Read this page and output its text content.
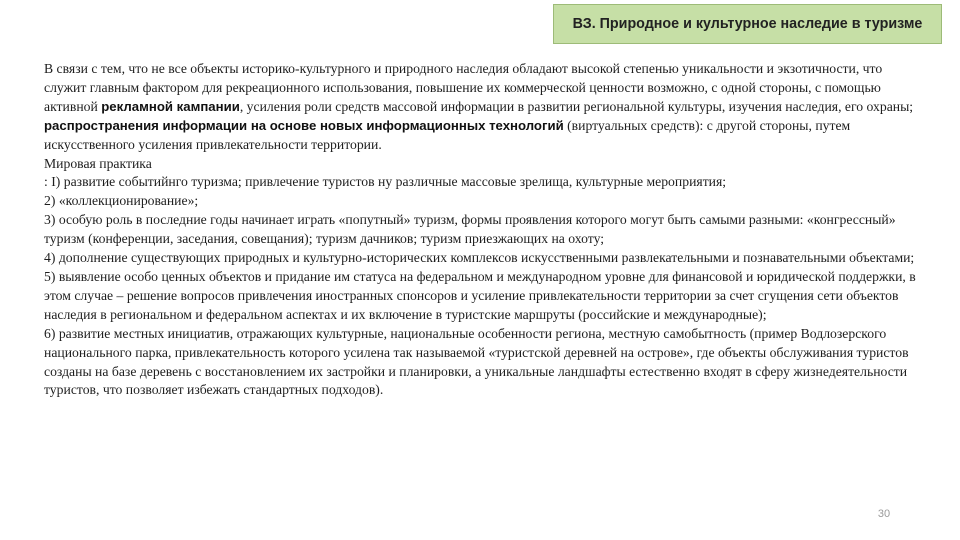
ВЗ. Природное и культурное наследие в туризме

В связи с тем, что не все объекты историко-культурного и природного наследия обладают высокой степенью уникальности и экзотичности, что служит главным фактором для рекреационного использования, повышение их коммерческой ценности возможно, с одной стороны, с помощью активной рекламной кампании, усиления роли средств массовой информации в развитии региональной культуры, изучения наследия, его охраны; распространения информации на основе новых информационных технологий (виртуальных средств): с другой стороны, путем искусственного усиления привлекательности территории.

Мировая практика

: I) развитие событийнго туризма; привлечение туристов ну различные массовые зрелища, культурные мероприятия;

2) «коллекционирование»;

3) особую роль в последние годы начинает играть «попутный» туризм, формы проявления которого могут быть самыми разными: «конгрессный» туризм (конференции, заседания, совещания); туризм дачников; туризм приезжающих на охоту;

4) дополнение существующих природных и культурно-исторических комплексов искусственными развлекательными и познавательными объектами;

5) выявление особо ценных объектов и придание им статуса на федеральном и международном уровне для финансовой и юридической поддержки, в этом случае – решение вопросов привлечения иностранных спонсоров и усиление привлекательности территории за счет сгущения сети объектов наследия в региональном и федеральном аспектах и их включение в туристские маршруты (российские и международные);

6) развитие местных инициатив, отражающих культурные, национальные особенности региона, местную самобытность (пример Водлозерского национального парка, привлекательность которого усилена так называемой «туристской деревней на острове», где объекты обслуживания туристов созданы на базе деревень с восстановлением их застройки и планировки, а уникальные ландшафты естественно входят в сферу жизнедеятельности туристов, что позволяет избежать стандартных подходов).

30
